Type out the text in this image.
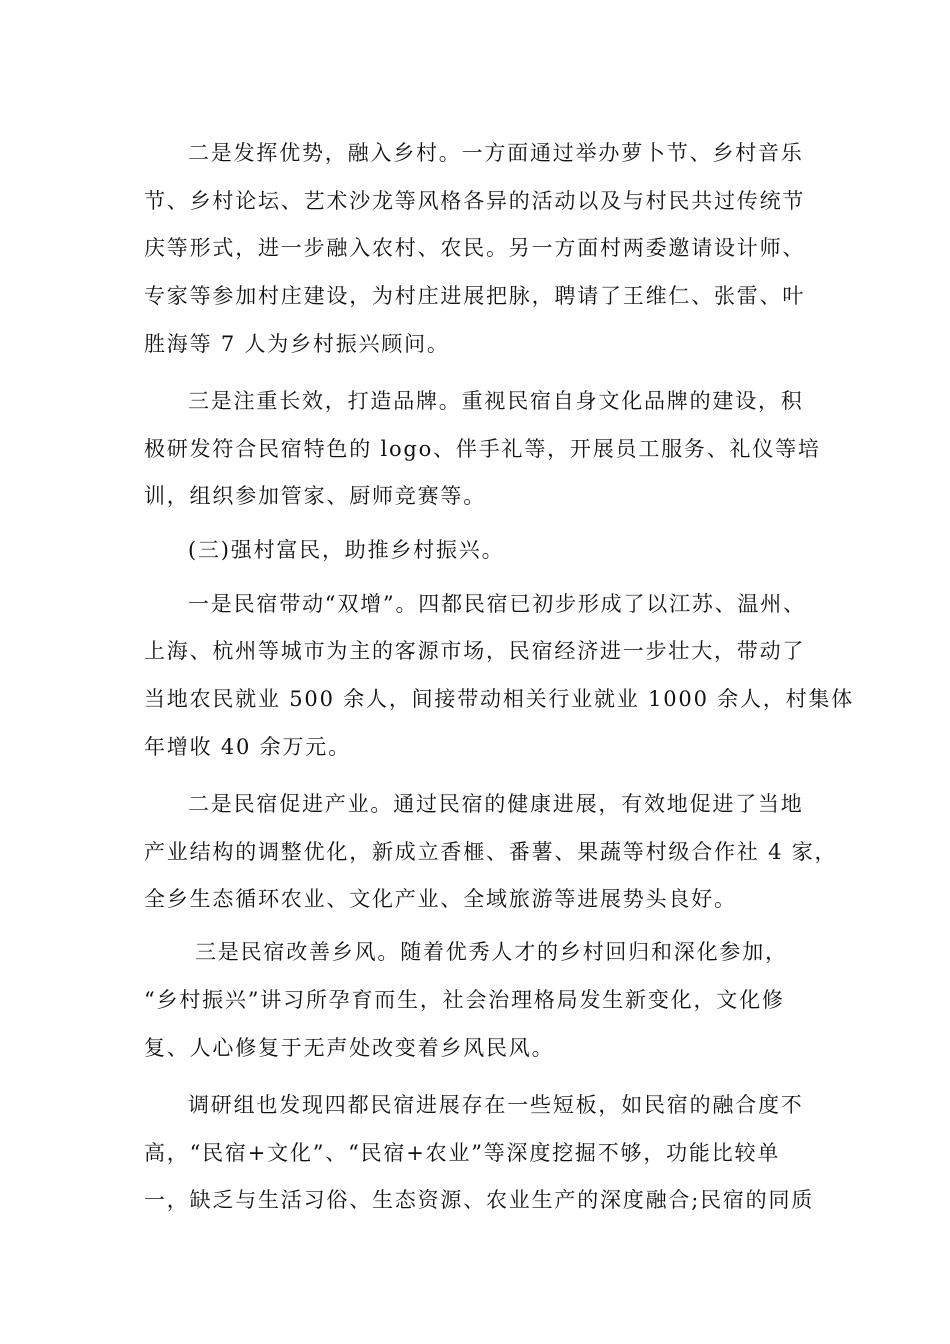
二是发挥优势，融入乡村。一方面通过举办萝卜节、乡村音乐
节、乡村论坛、艺术沙龙等风格各异的活动以及与村民共过传统节
庆等形式，进一步融入农村、农民。另一方面村两委邀请设计师、
专家等参加村庄建设，为村庄进展把脉，聘请了王维仁、张雷、叶
胜海等 7 人为乡村振兴顾问。
三是注重长效，打造品牌。重视民宿自身文化品牌的建设，积
极研发符合民宿特色的 logo、伴手礼等，开展员工服务、礼仪等培
训，组织参加管家、厨师竞赛等。
(三)强村富民，助推乡村振兴。
一是民宿带动“双增”。四都民宿已初步形成了以江苏、温州、
上海、杭州等城市为主的客源市场，民宿经济进一步壮大，带动了
当地农民就业 500 余人，间接带动相关行业就业 1000 余人，村集体
年增收 40 余万元。
二是民宿促进产业。通过民宿的健康进展，有效地促进了当地
产业结构的调整优化，新成立香榧、番薯、果蔬等村级合作社 4 家，
全乡生态循环农业、文化产业、全域旅游等进展势头良好。
三是民宿改善乡风。随着优秀人才的乡村回归和深化参加，
“乡村振兴”讲习所孕育而生，社会治理格局发生新变化，文化修
复、人心修复于无声处改变着乡风民风。
调研组也发现四都民宿进展存在一些短板，如民宿的融合度不
高，“民宿+文化”、“民宿+农业”等深度挖掘不够，功能比较单
一，缺乏与生活习俗、生态资源、农业生产的深度融合;民宿的同质
